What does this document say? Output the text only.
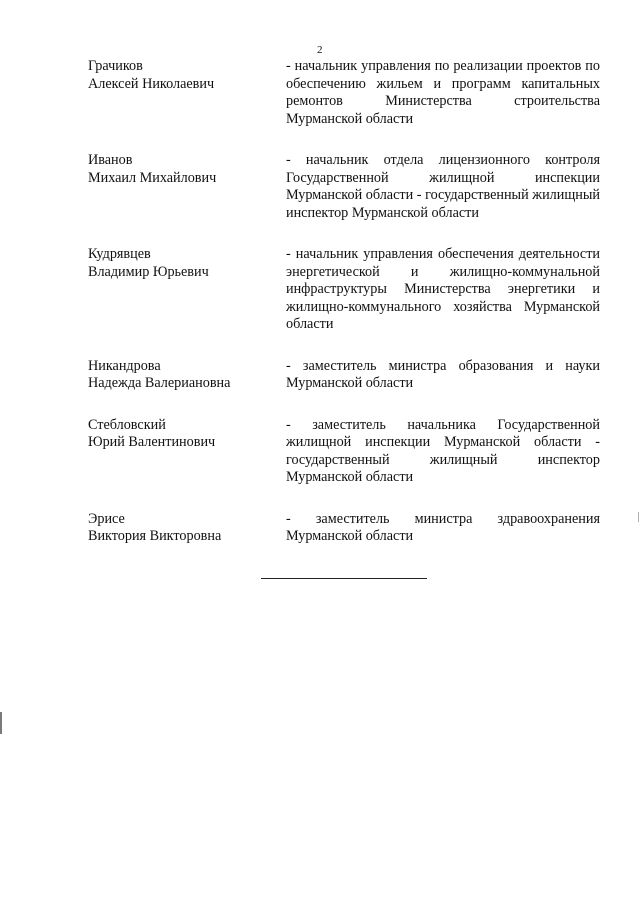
2
Грачиков
Алексей Николаевич
- начальник управления по реализации проектов по обеспечению жильем и программ капитальных ремонтов Министерства строительства Мурманской области
Иванов
Михаил Михайлович
- начальник отдела лицензионного контроля Государственной жилищной инспекции Мурманской области - государственный жилищный инспектор Мурманской области
Кудрявцев
Владимир Юрьевич
- начальник управления обеспечения деятельности энергетической и жилищно-коммунальной инфраструктуры Министерства энергетики и жилищно-коммунального хозяйства Мурманской области
Никандрова
Надежда Валериановна
- заместитель министра образования и науки Мурманской области
Стебловский
Юрий Валентинович
- заместитель начальника Государственной жилищной инспекции Мурманской области - государственный жилищный инспектор Мурманской области
Эрисе
Виктория Викторовна
- заместитель министра здравоохранения Мурманской области
